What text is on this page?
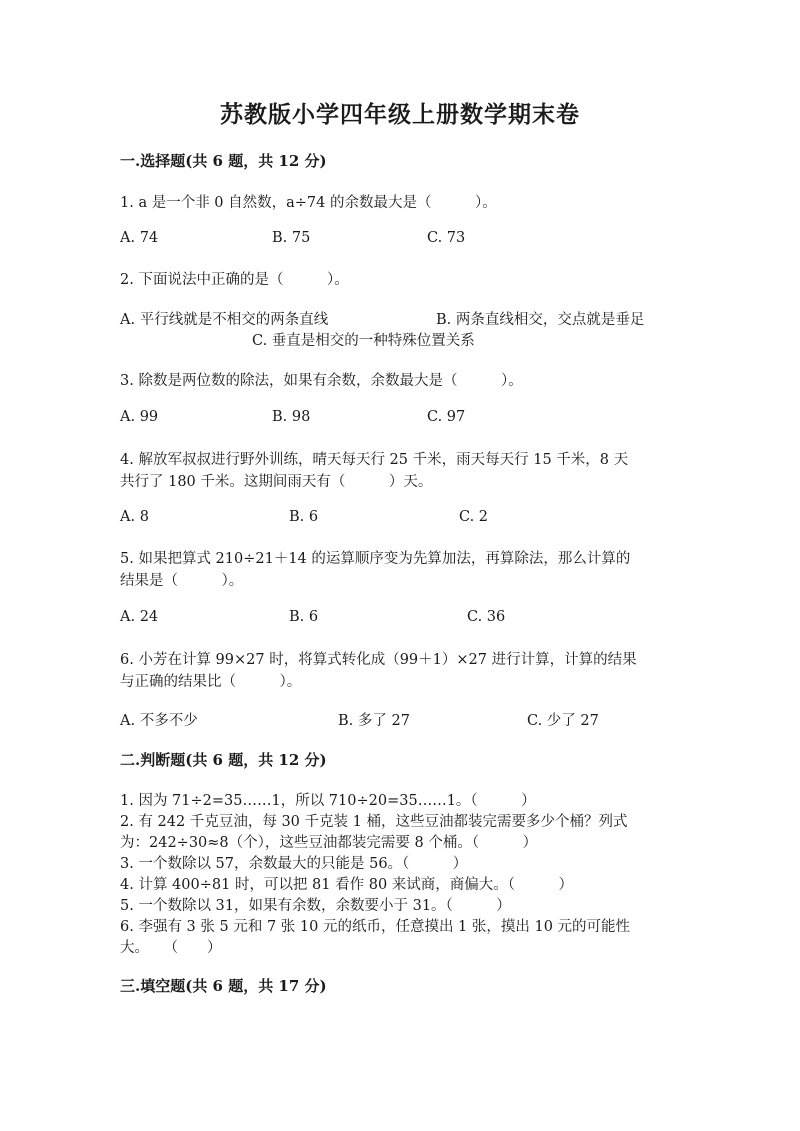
苏教版小学四年级上册数学期末卷
一.选择题(共 6 题，共 12 分)
1. a 是一个非 0 自然数，a÷74 的余数最大是（　　　）。
A. 74	B. 75	C. 73
2. 下面说法中正确的是（　　　）。
A. 平行线就是不相交的两条直线	B. 两条直线相交，交点就是垂足
C. 垂直是相交的一种特殊位置关系
3. 除数是两位数的除法，如果有余数，余数最大是（　　　）。
A. 99	B. 98	C. 97
4. 解放军叔叔进行野外训练，晴天每天行 25 千米，雨天每天行 15 千米，8 天
共行了 180 千米。这期间雨天有（　　　）天。
A. 8	B. 6	C. 2
5. 如果把算式 210÷21＋14 的运算顺序变为先算加法，再算除法，那么计算的
结果是（　　　）。
A. 24	B. 6	C. 36
6. 小芳在计算 99×27 时，将算式转化成（99＋1）×27 进行计算，计算的结果
与正确的结果比（　　　）。
A. 不多不少	B. 多了 27	C. 少了 27
二.判断题(共 6 题，共 12 分)
1. 因为 71÷2=35……1，所以 710÷20=35……1。（　　　）
2. 有 242 千克豆油，每 30 千克装 1 桶，这些豆油都装完需要多少个桶？列式
为：242÷30≈8（个），这些豆油都装完需要 8 个桶。（　　　）
3. 一个数除以 57，余数最大的只能是 56。（　　　）
4. 计算 400÷81 时，可以把 81 看作 80 来试商，商偏大。（　　　）
5. 一个数除以 31，如果有余数，余数要小于 31。（　　　）
6. 李强有 3 张 5 元和 7 张 10 元的纸币，任意摸出 1 张，摸出 10 元的可能性
大。　　（　　）
三.填空题(共 6 题，共 17 分)
